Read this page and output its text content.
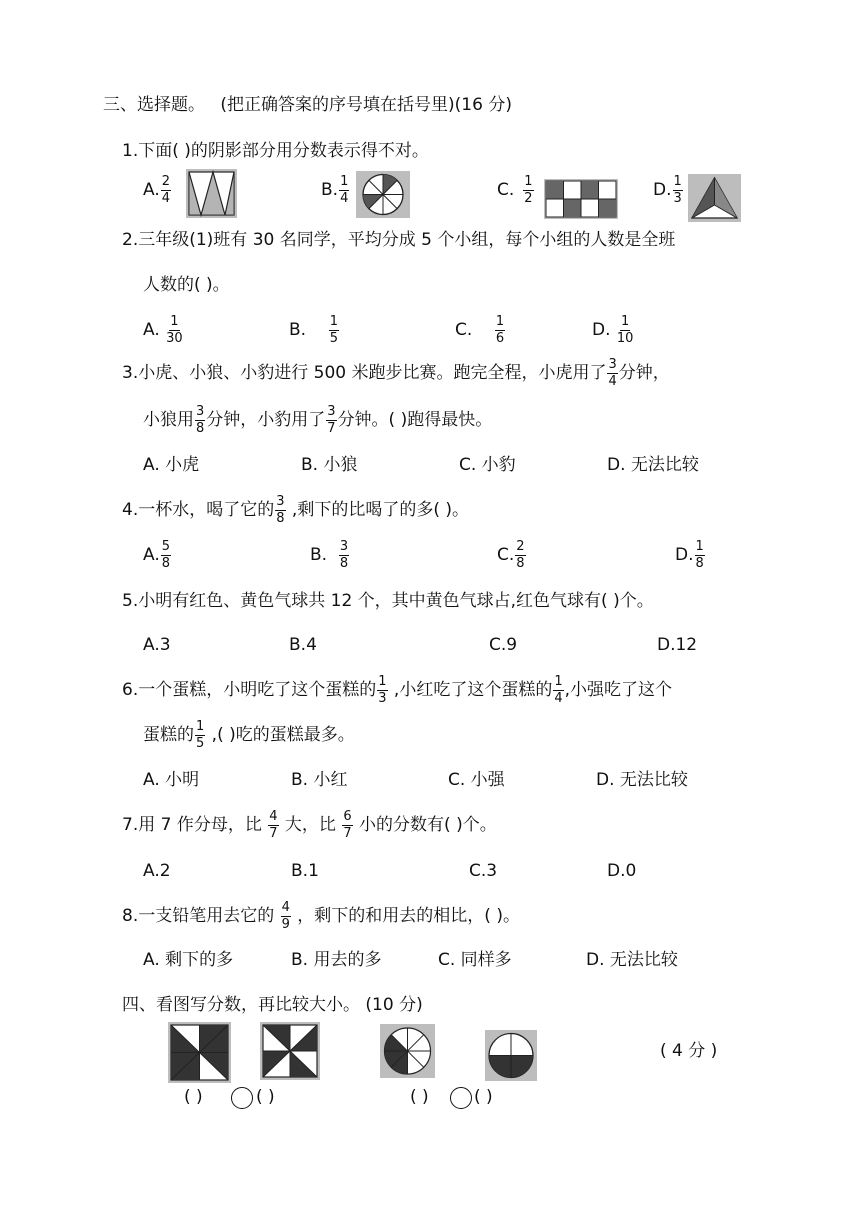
三、选择题。 (把正确答案的序号填在括号里)(16 分)
1.下面( )的阴影部分用分数表示得不对。
A. $\frac{2}{4}$	B. $\frac{1}{4}$	C. $\frac{1}{2}$	D. $\frac{1}{3}$
2.三年级(1)班有 30 名同学，平均分成 5 个小组，每个小组的人数是全班
人数的( )。
A. $\frac{1}{30}$	B. $\frac{1}{5}$	C. $\frac{1}{6}$	D. $\frac{1}{10}$
3.小虎、小狼、小豹进行 500 米跑步比赛。跑完全程，小虎用了 $\frac{3}{4}$ 分钟，
小狼用 $\frac{3}{8}$ 分钟，小豹用了 $\frac{3}{7}$ 分钟。( )跑得最快。
A. 小虎	B. 小狼	C. 小豹	D. 无法比较
4.一杯水，喝了它的 $\frac{3}{8}$ ,剩下的比喝了的多( )。
A. $\frac{5}{8}$	B. $\frac{3}{8}$	C. $\frac{2}{8}$	D. $\frac{1}{8}$
5.小明有红色、黄色气球共 12 个，其中黄色气球占,红色气球有( )个。
A.3	B.4	C.9	D.12
6.一个蛋糕，小明吃了这个蛋糕的 $\frac{1}{3}$ ,小红吃了这个蛋糕的 $\frac{1}{4}$ ,小强吃了这个
蛋糕的 $\frac{1}{5}$ ,( )吃的蛋糕最多。
A. 小明	B. 小红	C. 小强	D. 无法比较
7.用 7 作分母，比 $\frac{4}{7}$ 大，比 $\frac{6}{7}$ 小的分数有( )个。
A.2	B.1	C.3	D.0
8.一支铅笔用去它的 $\frac{4}{9}$ ，剩下的和用去的相比，( )。
A. 剩下的多	B. 用去的多	C. 同样多	D. 无法比较
四、看图写分数，再比较大小。 (10 分)
( 4 分 )
( )	( )	( )	( )
